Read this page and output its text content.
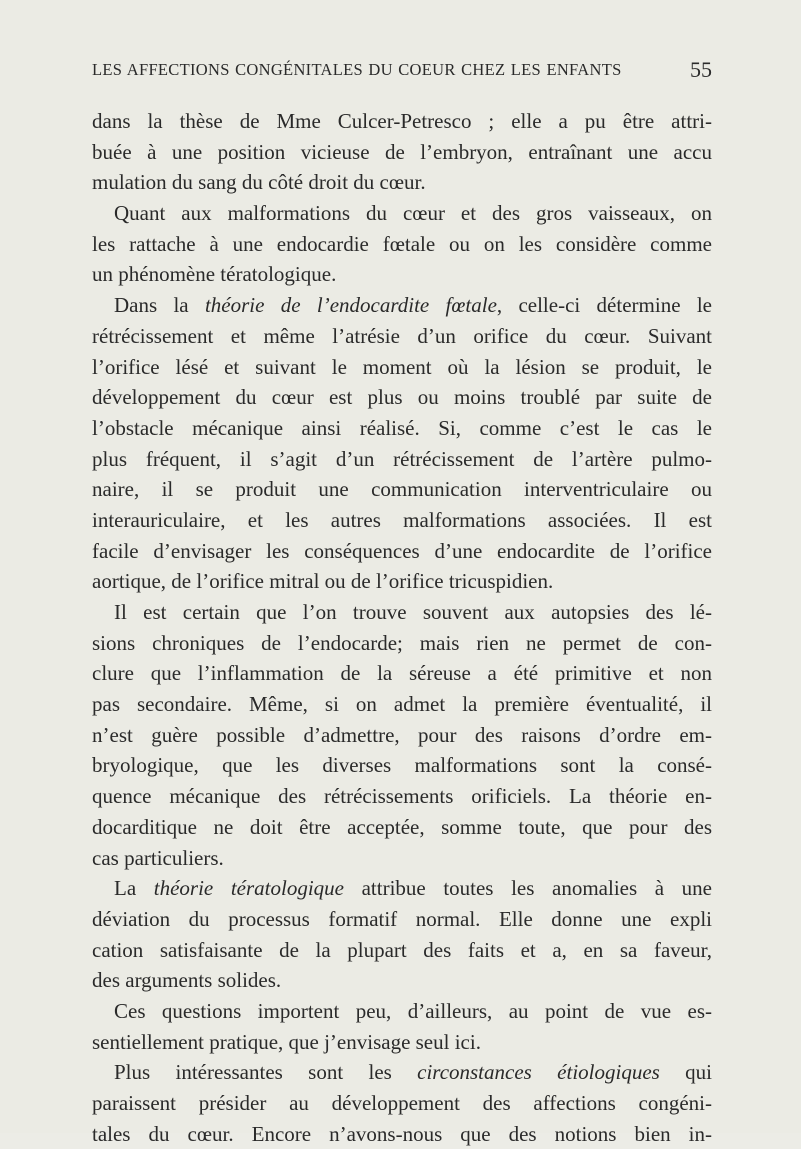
LES AFFECTIONS CONGÉNITALES DU COEUR CHEZ LES ENFANTS	55
dans la thèse de Mme Culcer-Petresco ; elle a pu être attri-
buée à une position vicieuse de l’embryon, entraînant une accu
mulation du sang du côté droit du cœur.
Quant aux malformations du cœur et des gros vaisseaux, on
les rattache à une endocardie fœtale ou on les considère comme
un phénomène tératologique.
Dans la théorie de l’endocardite fœtale, celle-ci détermine le
rétrécissement et même l’atrésie d’un orifice du cœur. Suivant
l’orifice lésé et suivant le moment où la lésion se produit, le
développement du cœur est plus ou moins troublé par suite de
l’obstacle mécanique ainsi réalisé. Si, comme c’est le cas le
plus fréquent, il s’agit d’un rétrécissement de l’artère pulmo-
naire, il se produit une communication interventriculaire ou
interauriculaire, et les autres malformations associées. Il est
facile d’envisager les conséquences d’une endocardite de l’orifice
aortique, de l’orifice mitral ou de l’orifice tricuspidien.
Il est certain que l’on trouve souvent aux autopsies des lé-
sions chroniques de l’endocarde; mais rien ne permet de con-
clure que l’inflammation de la séreuse a été primitive et non
pas secondaire. Même, si on admet la première éventualité, il
n’est guère possible d’admettre, pour des raisons d’ordre em-
bryologique, que les diverses malformations sont la consé-
quence mécanique des rétrécissements orificiels. La théorie en-
docarditique ne doit être acceptée, somme toute, que pour des
cas particuliers.
La théorie tératologique attribue toutes les anomalies à une
déviation du processus formatif normal. Elle donne une expli
cation satisfaisante de la plupart des faits et a, en sa faveur,
des arguments solides.
Ces questions importent peu, d’ailleurs, au point de vue es-
sentiellement pratique, que j’envisage seul ici.
Plus intéressantes sont les circonstances étiologiques qui
paraissent présider au développement des affections congéni-
tales du cœur. Encore n’avons-nous que des notions bien in-
